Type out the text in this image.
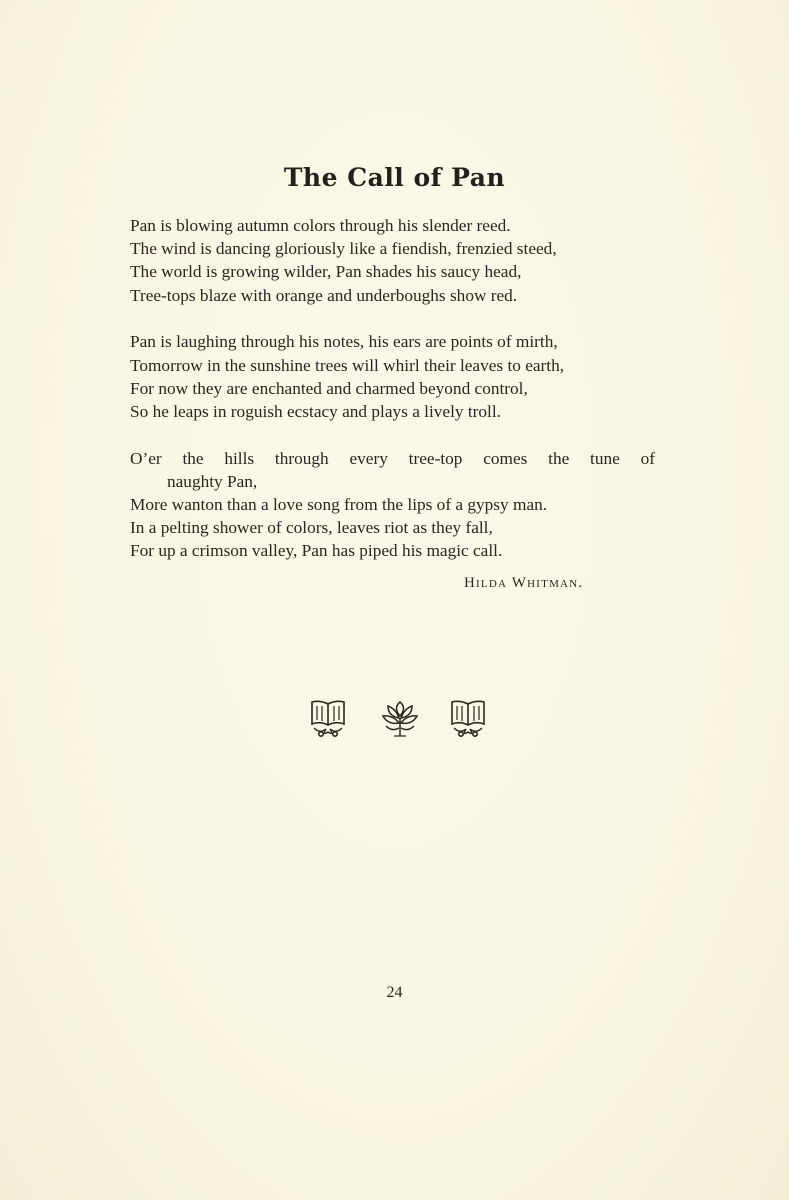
The Call of Pan
Pan is blowing autumn colors through his slender reed.
The wind is dancing gloriously like a fiendish, frenzied steed,
The world is growing wilder, Pan shades his saucy head,
Tree-tops blaze with orange and underboughs show red.
Pan is laughing through his notes, his ears are points of mirth,
Tomorrow in the sunshine trees will whirl their leaves to earth,
For now they are enchanted and charmed beyond control,
So he leaps in roguish ecstacy and plays a lively troll.
O’er the hills through every tree-top comes the tune of
naughty Pan,
More wanton than a love song from the lips of a gypsy man.
In a pelting shower of colors, leaves riot as they fall,
For up a crimson valley, Pan has piped his magic call.
Hilda Whitman.
24
